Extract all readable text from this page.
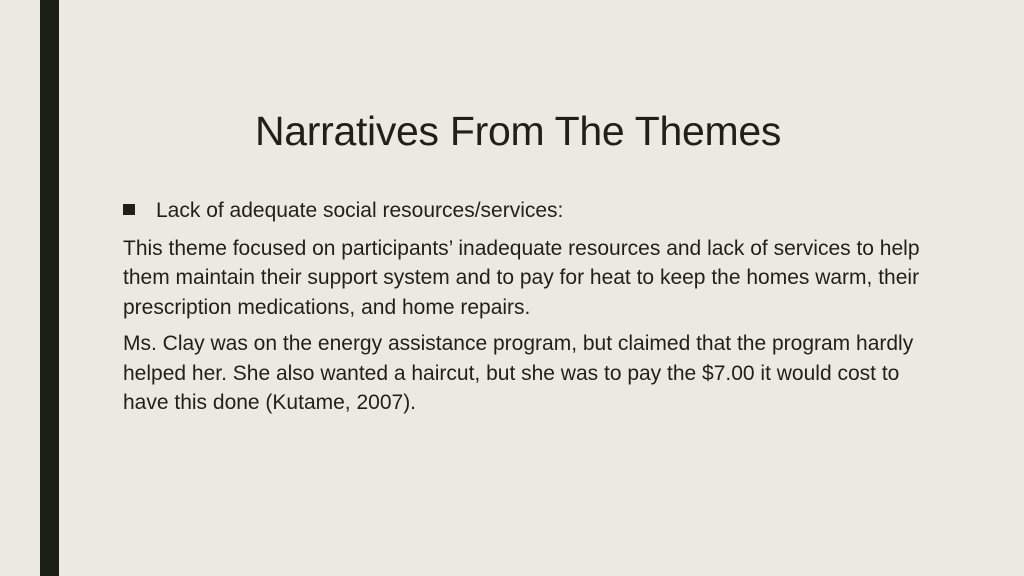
Narratives From The Themes
Lack of adequate social resources/services:

This theme focused on participants’ inadequate resources and lack of services to help them maintain their support system and to pay for heat to keep the homes warm, their prescription medications, and home repairs.

Ms. Clay was on the energy assistance program, but claimed that the program hardly helped her. She also wanted a haircut, but she was to pay the $7.00 it would cost to have this done (Kutame, 2007).
